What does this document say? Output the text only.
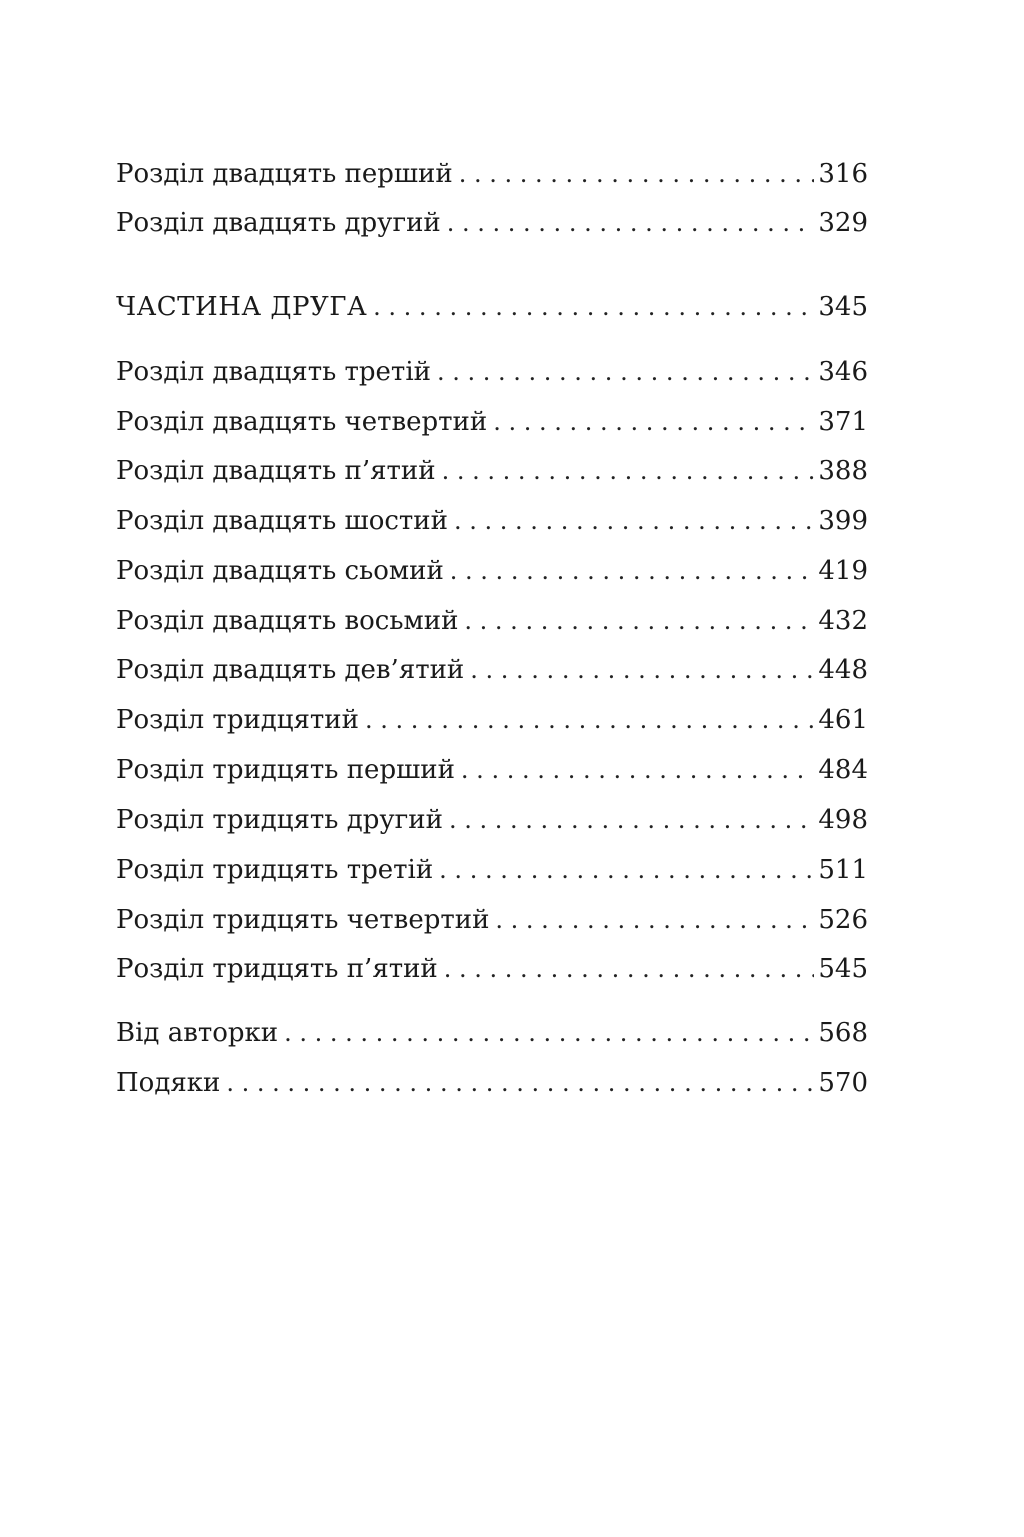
Розділ двадцять перший . . .	316
Розділ двадцять другий . . .	329
ЧАСТИНА ДРУГА . . .	345
Розділ двадцять третій . . .	346
Розділ двадцять четвертий . . .	371
Розділ двадцять п’ятий . . .	388
Розділ двадцять шостий . . .	399
Розділ двадцять сьомий . . .	419
Розділ двадцять восьмий . . .	432
Розділ двадцять дев’ятий . . .	448
Розділ тридцятий . . .	461
Розділ тридцять перший . . .	484
Розділ тридцять другий . . .	498
Розділ тридцять третій . . .	511
Розділ тридцять четвертий . . .	526
Розділ тридцять п’ятий . . .	545
Від авторки . . .	568
Подяки . . .	570
